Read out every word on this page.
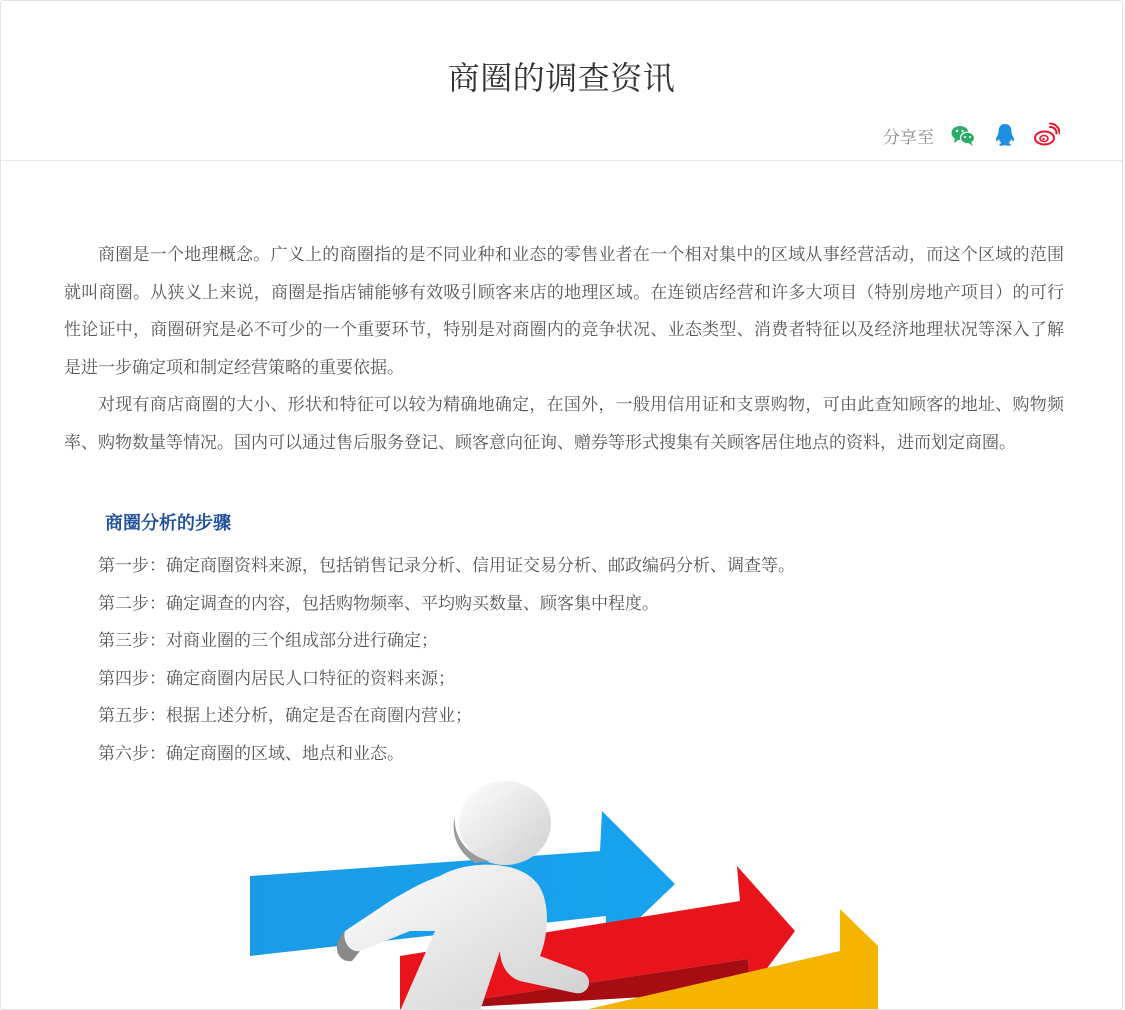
商圈的调查资讯
分享至

商圈是一个地理概念。广义上的商圈指的是不同业种和业态的零售业者在一个相对集中的区域从事经营活动，而这个区域的范围就叫商圈。从狭义上来说，商圈是指店铺能够有效吸引顾客来店的地理区域。在连锁店经营和许多大项目（特别房地产项目）的可行性论证中，商圈研究是必不可少的一个重要环节，特别是对商圈内的竞争状况、业态类型、消费者特征以及经济地理状况等深入了解是进一步确定项和制定经营策略的重要依据。

对现有商店商圈的大小、形状和特征可以较为精确地确定，在国外，一般用信用证和支票购物，可由此查知顾客的地址、购物频率、购物数量等情况。国内可以通过售后服务登记、顾客意向征询、赠券等形式搜集有关顾客居住地点的资料，进而划定商圈。

商圈分析的步骤
第一步：确定商圈资料来源，包括销售记录分析、信用证交易分析、邮政编码分析、调查等。
第二步：确定调查的内容，包括购物频率、平均购买数量、顾客集中程度。
第三步：对商业圈的三个组成部分进行确定；
第四步：确定商圈内居民人口特征的资料来源；
第五步：根据上述分析，确定是否在商圈内营业；
第六步：确定商圈的区域、地点和业态。
